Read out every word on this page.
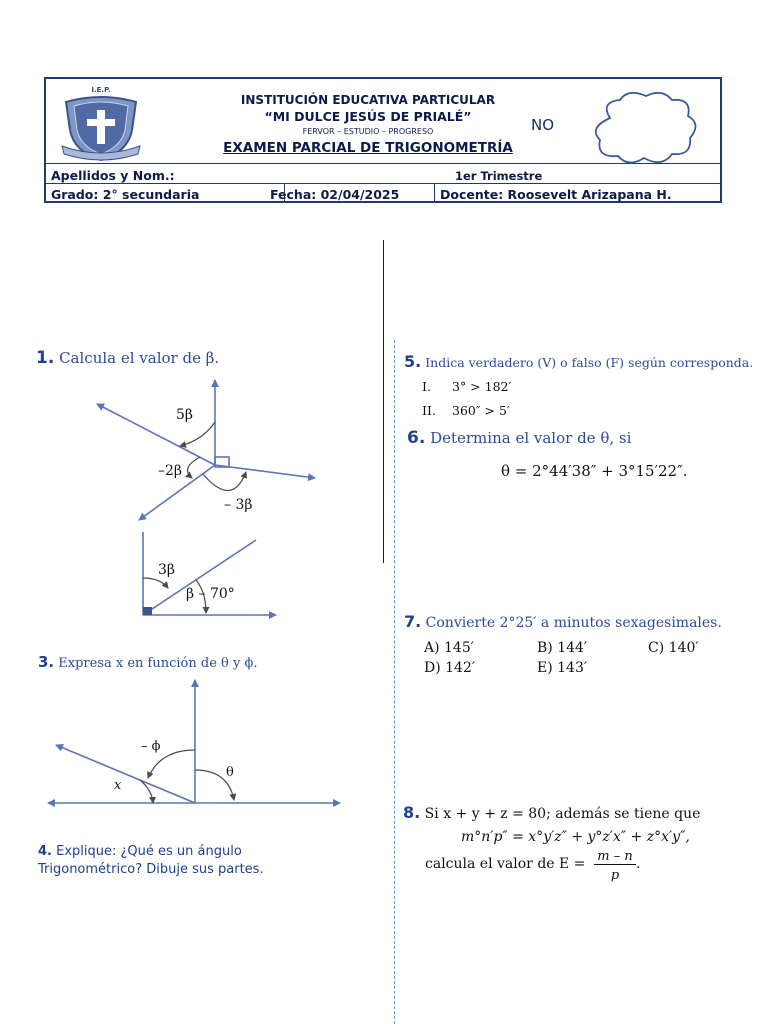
I.E.P.
INSTITUCIÓN EDUCATIVA PARTICULAR
“MI DULCE JESÚS DE PRIALÉ”
FERVOR – ESTUDIO – PROGRESO
EXAMEN PARCIAL DE TRIGONOMETRÍA
NO
Apellidos y Nom.:	1er Trimestre
Grado: 2° secundaria	Fecha: 02/04/2025	Docente: Roosevelt Arizapana H.
1. Calcula el valor de β.
5β
–2β
– 3β
3β
β – 70°
3. Expresa x en función de θ y ϕ.
– ϕ
θ
x
4. Explique: ¿Qué es un ángulo
Trigonométrico? Dibuje sus partes.
5. Indica verdadero (V) o falso (F) según corresponda.
I. 3° > 182′
II. 360″ > 5′
6. Determina el valor de θ, si
θ = 2°44′38″ + 3°15′22″.
7. Convierte 2°25′ a minutos sexagesimales.
A) 145′	B) 144′	C) 140′
D) 142′	E) 143′
8. Si x + y + z = 80; además se tiene que
m°n′p″ = x°y′z″ + y°z′x″ + z°x′y″,
calcula el valor de E = m – n
p
.
